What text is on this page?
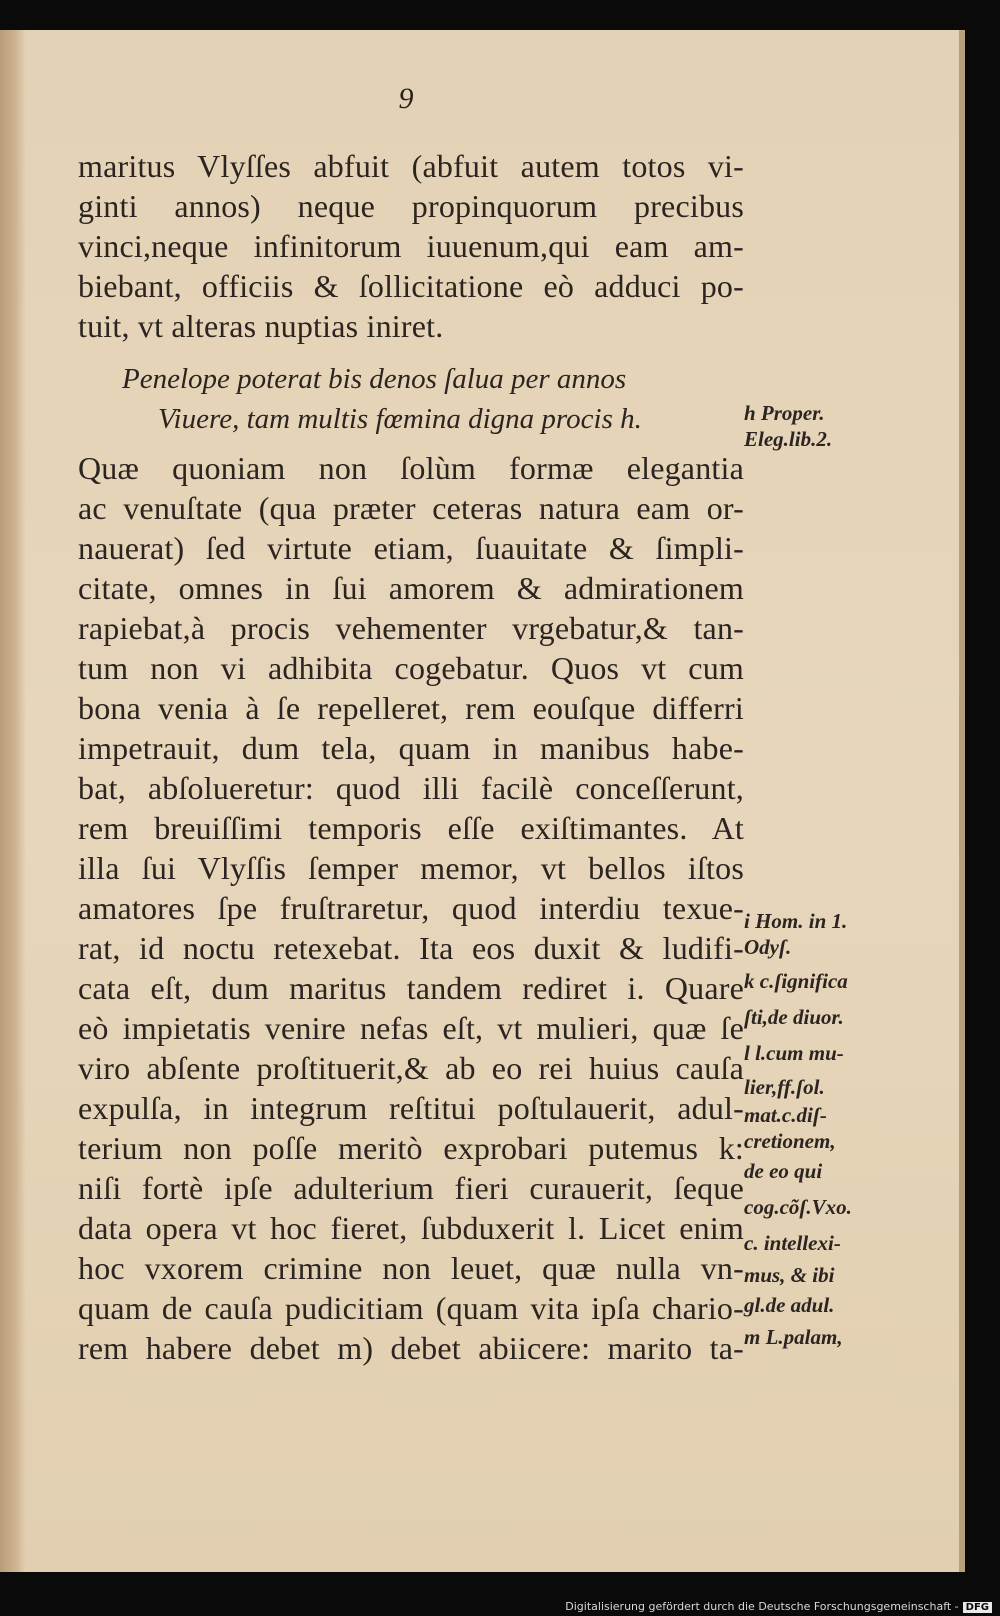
9
maritus Vlyſſes abfuit (abfuit autem totos vi-
ginti annos) neque propinquorum precibus
vinci,neque infinitorum iuuenum,qui eam am-
biebant, officiis & ſollicitatione eò adduci po-
tuit, vt alteras nuptias iniret.
Penelope poterat bis denos ſalua per annos
Viuere, tam multis fœmina digna procis h.
Quæ quoniam non ſolùm formæ elegantia
ac venuſtate (qua præter ceteras natura eam or-
nauerat) ſed virtute etiam, ſuauitate & ſimpli-
citate, omnes in ſui amorem & admirationem
rapiebat,à procis vehementer vrgebatur,& tan-
tum non vi adhibita cogebatur. Quos vt cum
bona venia à ſe repelleret, rem eouſque differri
impetrauit, dum tela, quam in manibus habe-
bat, abſolueretur: quod illi facilè conceſſerunt,
rem breuiſſimi temporis eſſe exiſtimantes. At
illa ſui Vlyſſis ſemper memor, vt bellos iſtos
amatores ſpe fruſtraretur, quod interdiu texue-
rat, id noctu retexebat. Ita eos duxit & ludifi-
cata eſt, dum maritus tandem rediret i. Quare
eò impietatis venire nefas eſt, vt mulieri, quæ ſe
viro abſente proſtituerit,& ab eo rei huius cauſa
expulſa, in integrum reſtitui poſtulauerit, adul-
terium non poſſe meritò exprobari putemus k:
niſi fortè ipſe adulterium fieri curauerit, ſeque
data opera vt hoc fieret, ſubduxerit l. Licet enim
hoc vxorem crimine non leuet, quæ nulla vn-
quam de cauſa pudicitiam (quam vita ipſa chario-
rem habere debet m) debet abiicere: marito ta-
h Proper.
Eleg.lib.2.
i Hom. in 1.
Odyſ.
k c.ſignifica
ſti,de diuor.
l l.cum mu-
lier,ff.ſol.
mat.c.diſ-
cretionem,
de eo qui
cog.cõſ.Vxo.
c. intellexi-
mus, & ibi
gl.de adul.
m L.palam,
Digitalisierung gefördert durch die Deutsche Forschungsgemeinschaft - DFG
